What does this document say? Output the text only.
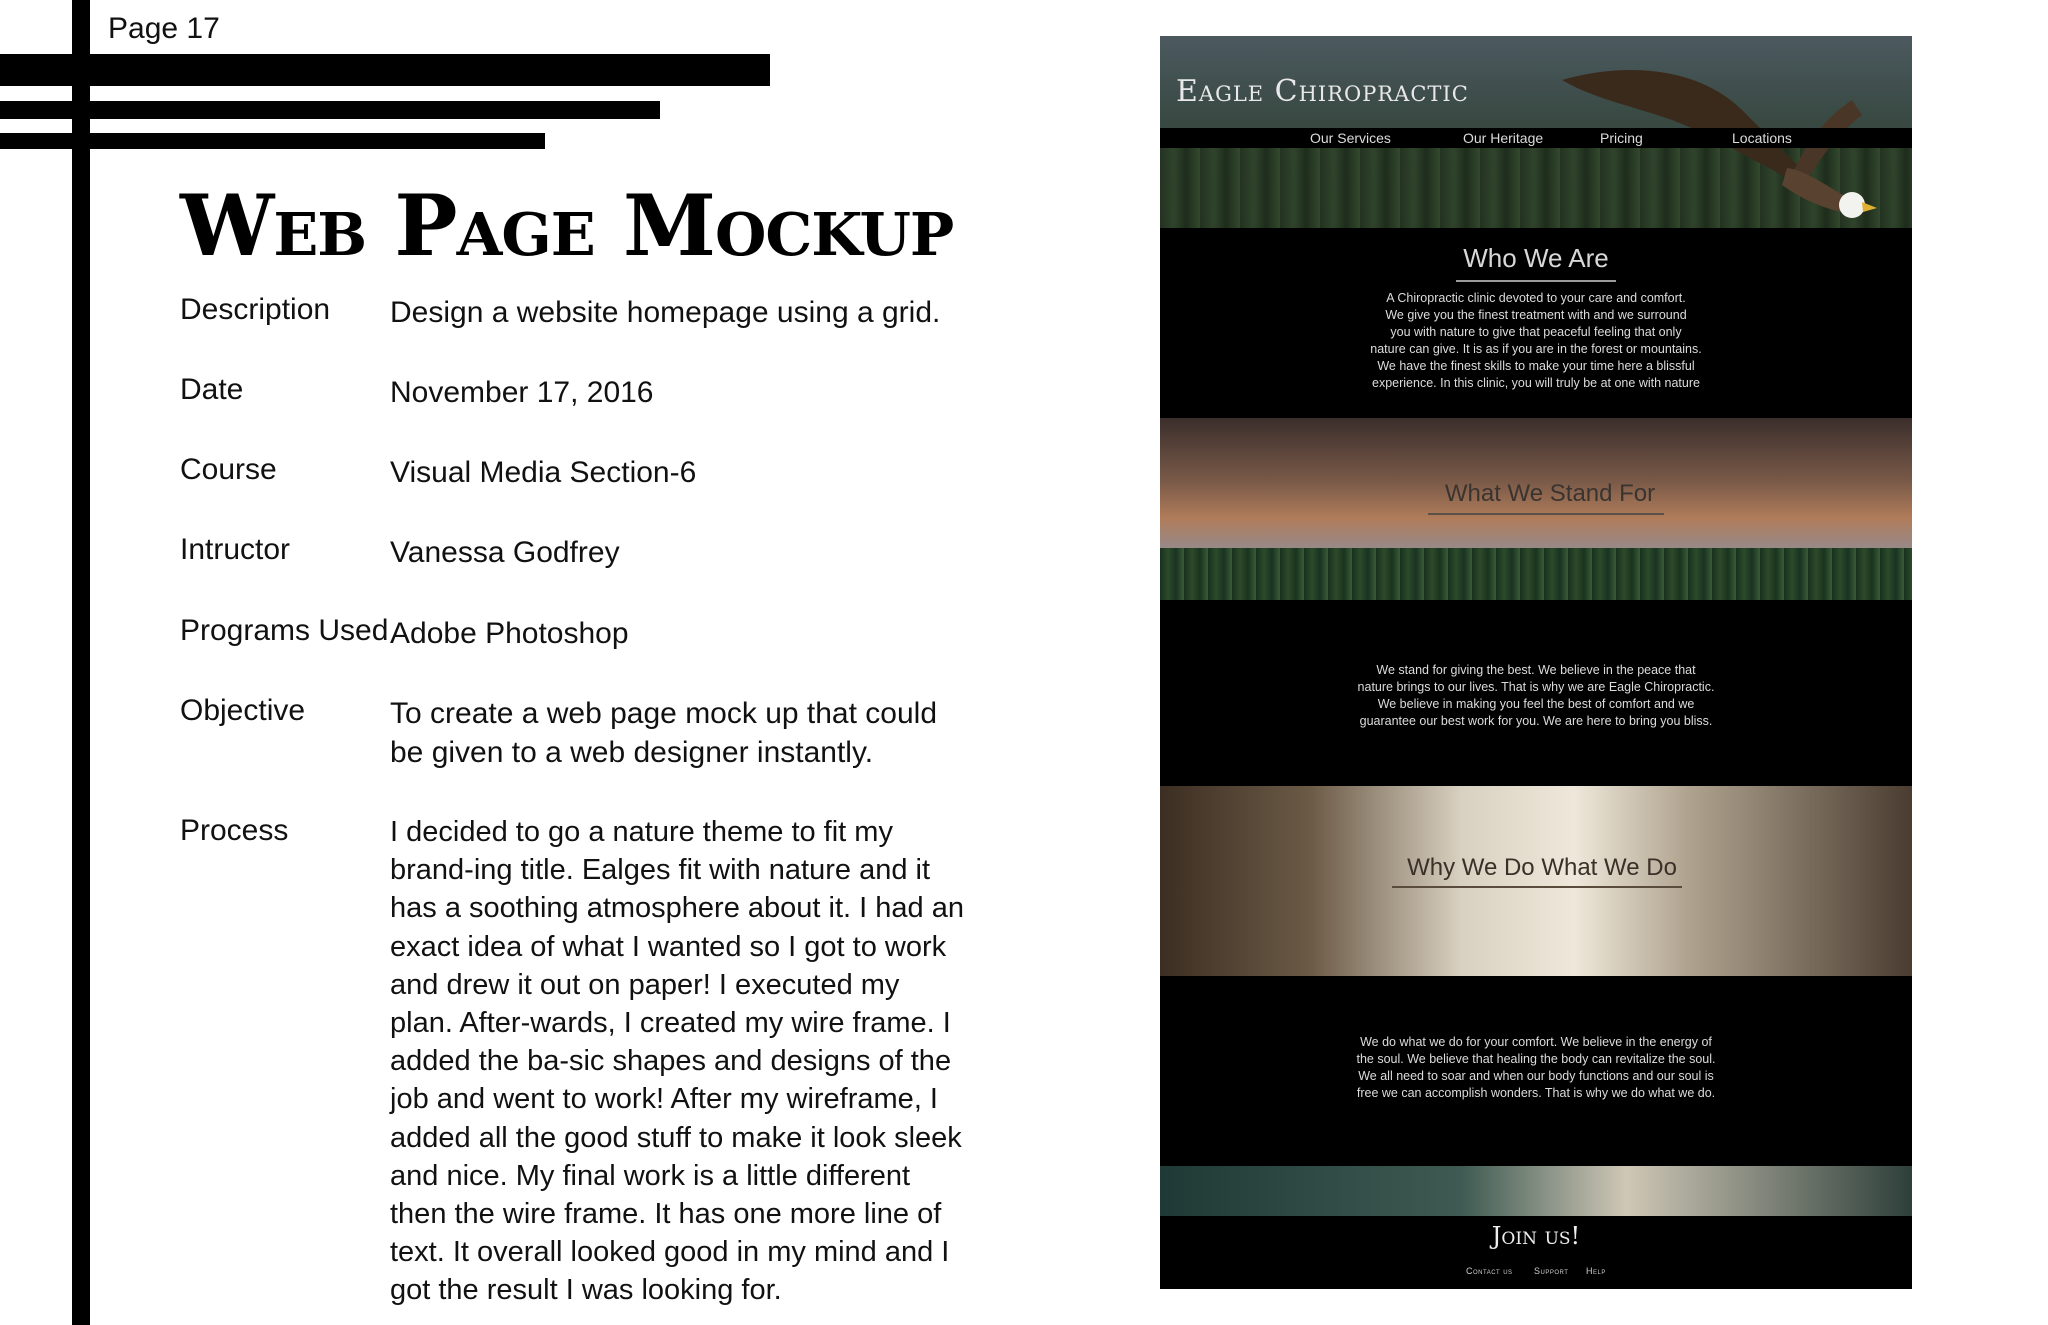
Page 17
Web Page Mockup
Description Design a website homepage using a grid.
Date	November 17, 2016
Course	Visual Media Section-6
Intructor	Vanessa Godfrey
Programs Used Adobe Photoshop
Objective	To create a web page mock up that could be given to a web designer instantly.
Process	I decided to go a nature theme to fit my brand-ing title. Ealges fit with nature and it has a soothing atmosphere about it. I had an exact idea of what I wanted so I got to work and drew it out on paper! I executed my plan. After-wards, I created my wire frame. I added the ba-sic shapes and designs of the job and went to work! After my wireframe, I added all the good stuff to make it look sleek and nice. My final work is a little different then the wire frame. It has one more line of text. It overall looked good in my mind and I got the result I was looking for.
Eagle Chiropractic
Our Services	Our Heritage	Pricing	Locations
Who We Are
A Chiropractic clinic devoted to your care and comfort.
We give you the finest treatment with and we surround
you with nature to give that peaceful feeling that only
nature can give. It is as if you are in the forest or mountains.
We have the finest skills to make your time here a blissful
experience. In this clinic, you will truly be at one with nature
What We Stand For
We stand for giving the best. We believe in the peace that
nature brings to our lives. That is why we are Eagle Chiropractic.
We believe in making you feel the best of comfort and we
guarantee our best work for you. We are here to bring you bliss.
Why We Do What We Do
We do what we do for your comfort. We believe in the energy of
the soul. We believe that healing the body can revitalize the soul.
We all need to soar and when our body functions and our soul is
free we can accomplish wonders. That is why we do what we do.
Join us!
Contact us Support Help
